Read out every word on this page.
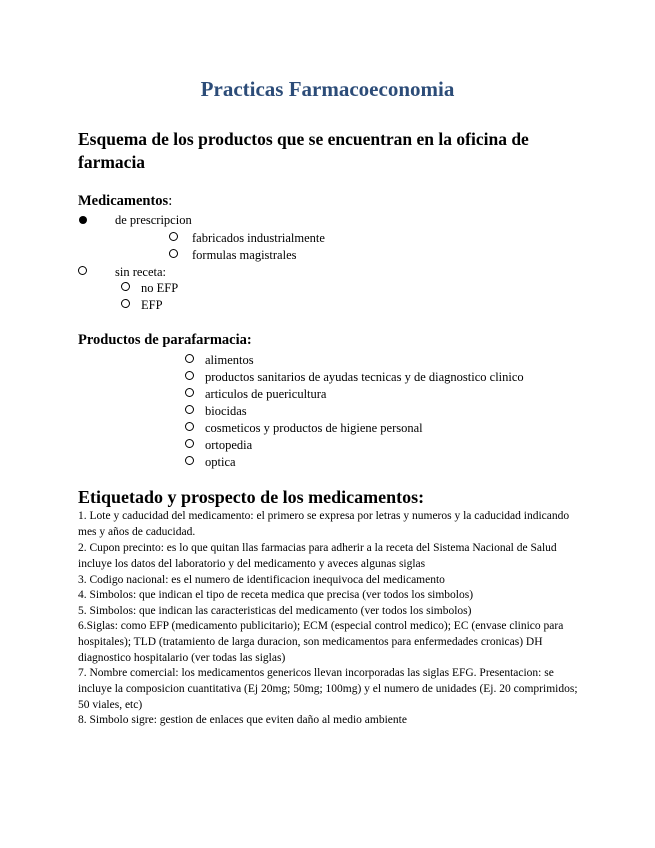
Practicas Farmacoeconomia
Esquema de los productos que se encuentran en la oficina de farmacia
Medicamentos:
de prescripcion
fabricados industrialmente
formulas magistrales
sin receta:
no EFP
EFP
Productos de parafarmacia:
alimentos
productos sanitarios de ayudas tecnicas y de diagnostico clinico
articulos de puericultura
biocidas
cosmeticos y productos de higiene personal
ortopedia
optica
Etiquetado y prospecto de los medicamentos:
1. Lote y caducidad del medicamento: el primero se expresa por letras y numeros y la caducidad indicando mes y años de caducidad.
2. Cupon precinto: es lo que quitan llas farmacias para adherir a la receta del Sistema Nacional de Salud incluye los datos del laboratorio y del medicamento y aveces algunas siglas
3. Codigo nacional: es el numero de identificacion inequivoca del medicamento
4. Simbolos: que indican el tipo de receta medica que precisa (ver todos los simbolos)
5. Simbolos: que indican las caracteristicas del medicamento (ver todos los simbolos)
6.Siglas: como EFP (medicamento publicitario); ECM (especial control medico); EC (envase clinico para hospitales); TLD (tratamiento de larga duracion, son medicamentos para enfermedades cronicas) DH diagnostico hospitalario (ver todas las siglas)
7. Nombre comercial: los medicamentos genericos llevan incorporadas las siglas EFG. Presentacion: se incluye la composicion cuantitativa (Ej 20mg; 50mg; 100mg) y el numero de unidades (Ej. 20 comprimidos; 50 viales, etc)
8. Simbolo sigre: gestion de enlaces que eviten daño al medio ambiente
